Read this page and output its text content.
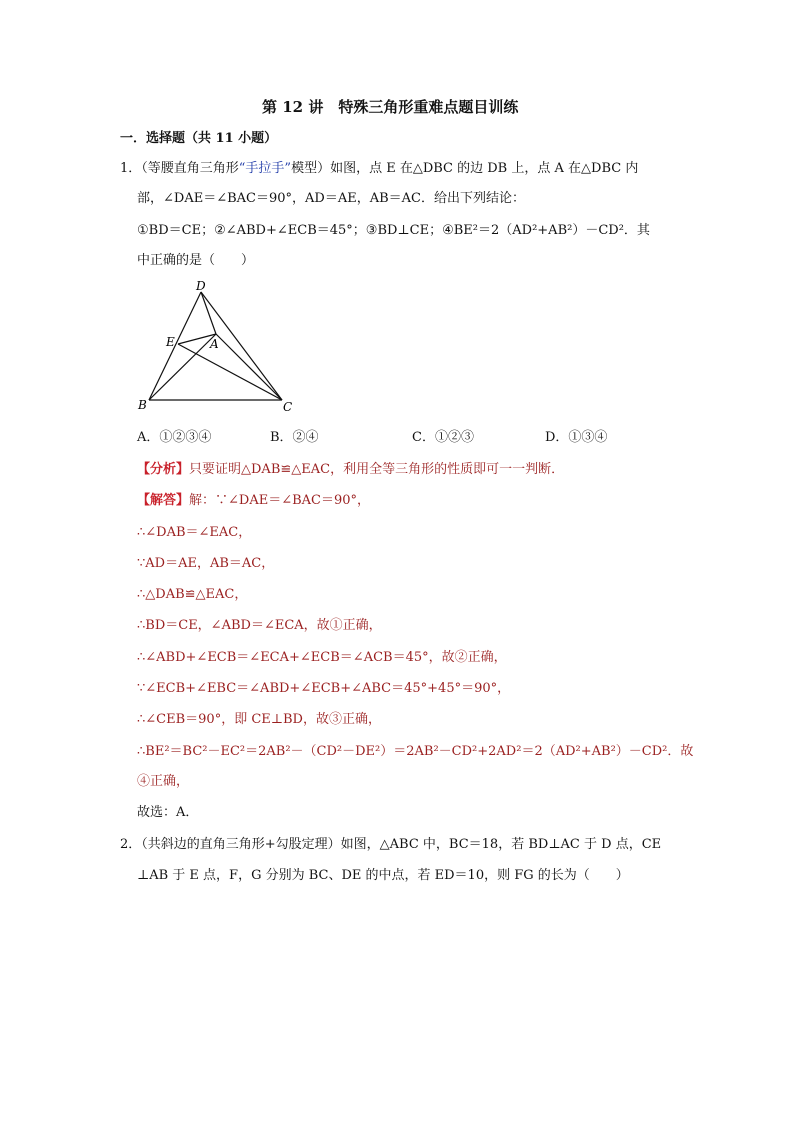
第 12 讲　特殊三角形重难点题目训练
一．选择题（共 11 小题）
1．（等腰直角三角形“手拉手”模型）如图，点 E 在△DBC 的边 DB 上，点 A 在△DBC 内
部，∠DAE＝∠BAC＝90°，AD＝AE，AB＝AC．给出下列结论：
①BD＝CE；②∠ABD+∠ECB＝45°；③BD⊥CE；④BE²＝2（AD²+AB²）－CD²．其
中正确的是（　　）
D
E	A
B	C
A．①②③④	B．②④	C．①②③	D．①③④
【分析】只要证明△DAB≌△EAC，利用全等三角形的性质即可一一判断．
【解答】解：∵∠DAE＝∠BAC＝90°，
∴∠DAB＝∠EAC，
∵AD＝AE，AB＝AC，
∴△DAB≌△EAC，
∴BD＝CE，∠ABD＝∠ECA，故①正确，
∴∠ABD+∠ECB＝∠ECA+∠ECB＝∠ACB＝45°，故②正确，
∵∠ECB+∠EBC＝∠ABD+∠ECB+∠ABC＝45°+45°＝90°，
∴∠CEB＝90°，即 CE⊥BD，故③正确，
∴BE²＝BC²－EC²＝2AB²－（CD²－DE²）＝2AB²－CD²+2AD²＝2（AD²+AB²）－CD²．故
④正确，
故选：A．
2．（共斜边的直角三角形+勾股定理）如图，△ABC 中，BC＝18，若 BD⊥AC 于 D 点，CE
⊥AB 于 E 点，F，G 分别为 BC、DE 的中点，若 ED＝10，则 FG 的长为（　　）
